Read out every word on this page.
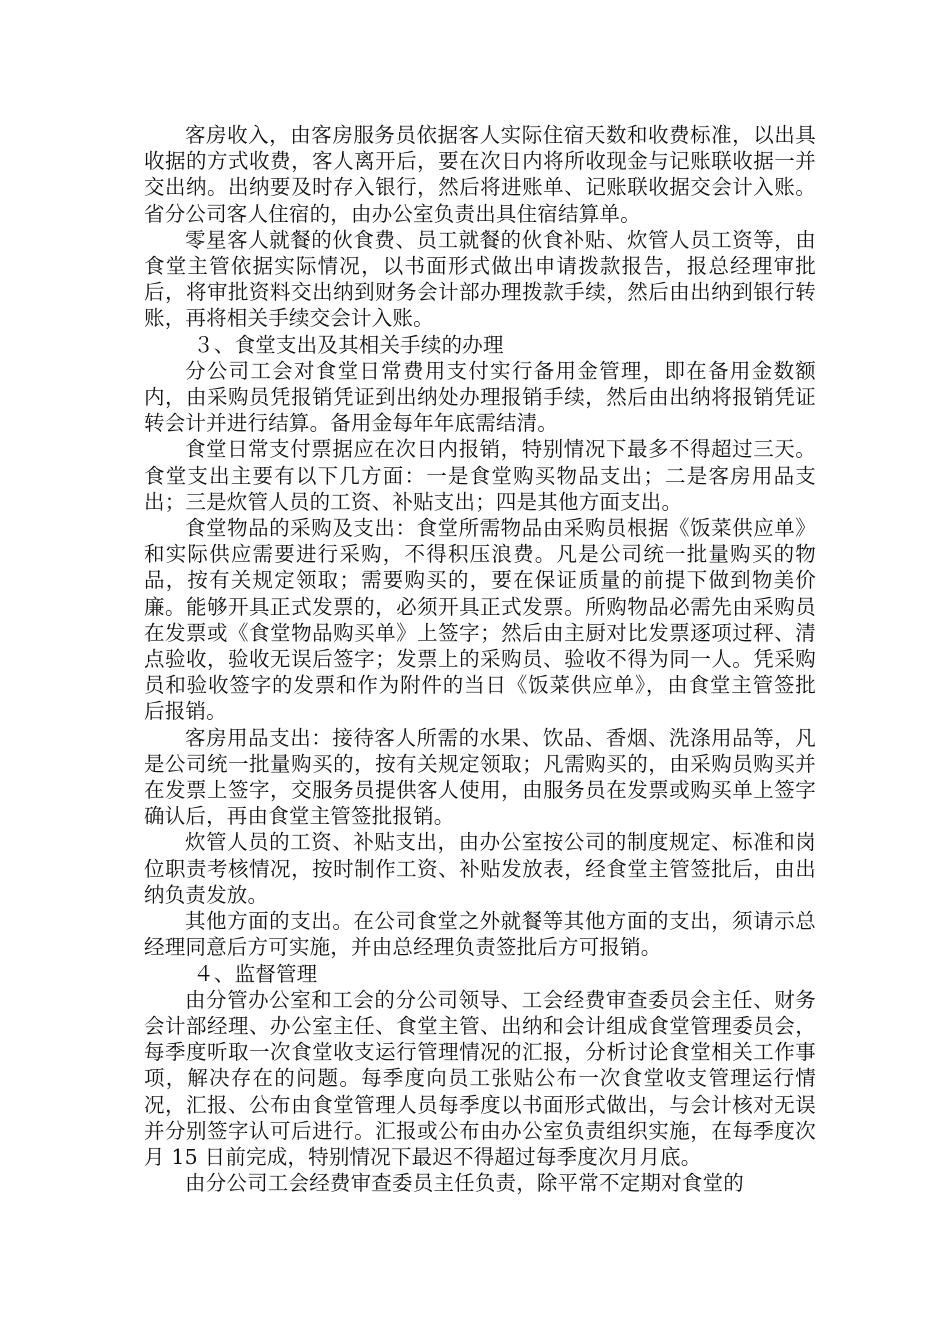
客房收入，由客房服务员依据客人实际住宿天数和收费标准，以出具收据的方式收费，客人离开后，要在次日内将所收现金与记账联收据一并交出纳。出纳要及时存入银行，然后将进账单、记账联收据交会计入账。省分公司客人住宿的，由办公室负责出具住宿结算单。

零星客人就餐的伙食费、员工就餐的伙食补贴、炊管人员工资等，由食堂主管依据实际情况，以书面形式做出申请拨款报告，报总经理审批后，将审批资料交出纳到财务会计部办理拨款手续，然后由出纳到银行转账，再将相关手续交会计入账。

３、食堂支出及其相关手续的办理

分公司工会对食堂日常费用支付实行备用金管理，即在备用金数额内，由采购员凭报销凭证到出纳处办理报销手续，然后由出纳将报销凭证转会计并进行结算。备用金每年年底需结清。

食堂日常支付票据应在次日内报销，特别情况下最多不得超过三天。食堂支出主要有以下几方面：一是食堂购买物品支出；二是客房用品支出；三是炊管人员的工资、补贴支出；四是其他方面支出。

食堂物品的采购及支出：食堂所需物品由采购员根据《饭菜供应单》和实际供应需要进行采购，不得积压浪费。凡是公司统一批量购买的物品，按有关规定领取；需要购买的，要在保证质量的前提下做到物美价廉。能够开具正式发票的，必须开具正式发票。所购物品必需先由采购员在发票或《食堂物品购买单》上签字；然后由主厨对比发票逐项过秤、清点验收，验收无误后签字；发票上的采购员、验收不得为同一人。凭采购员和验收签字的发票和作为附件的当日《饭菜供应单》，由食堂主管签批后报销。

客房用品支出：接待客人所需的水果、饮品、香烟、洗涤用品等，凡是公司统一批量购买的，按有关规定领取；凡需购买的，由采购员购买并在发票上签字，交服务员提供客人使用，由服务员在发票或购买单上签字确认后，再由食堂主管签批报销。

炊管人员的工资、补贴支出，由办公室按公司的制度规定、标准和岗位职责考核情况，按时制作工资、补贴发放表，经食堂主管签批后，由出纳负责发放。

其他方面的支出。在公司食堂之外就餐等其他方面的支出，须请示总经理同意后方可实施，并由总经理负责签批后方可报销。

４、监督管理

由分管办公室和工会的分公司领导、工会经费审查委员会主任、财务会计部经理、办公室主任、食堂主管、出纳和会计组成食堂管理委员会，每季度听取一次食堂收支运行管理情况的汇报，分析讨论食堂相关工作事项，解决存在的问题。每季度向员工张贴公布一次食堂收支管理运行情况，汇报、公布由食堂管理人员每季度以书面形式做出，与会计核对无误并分别签字认可后进行。汇报或公布由办公室负责组织实施，在每季度次月 15 日前完成，特别情况下最迟不得超过每季度次月月底。

由分公司工会经费审查委员主任负责，除平常不定期对食堂的
